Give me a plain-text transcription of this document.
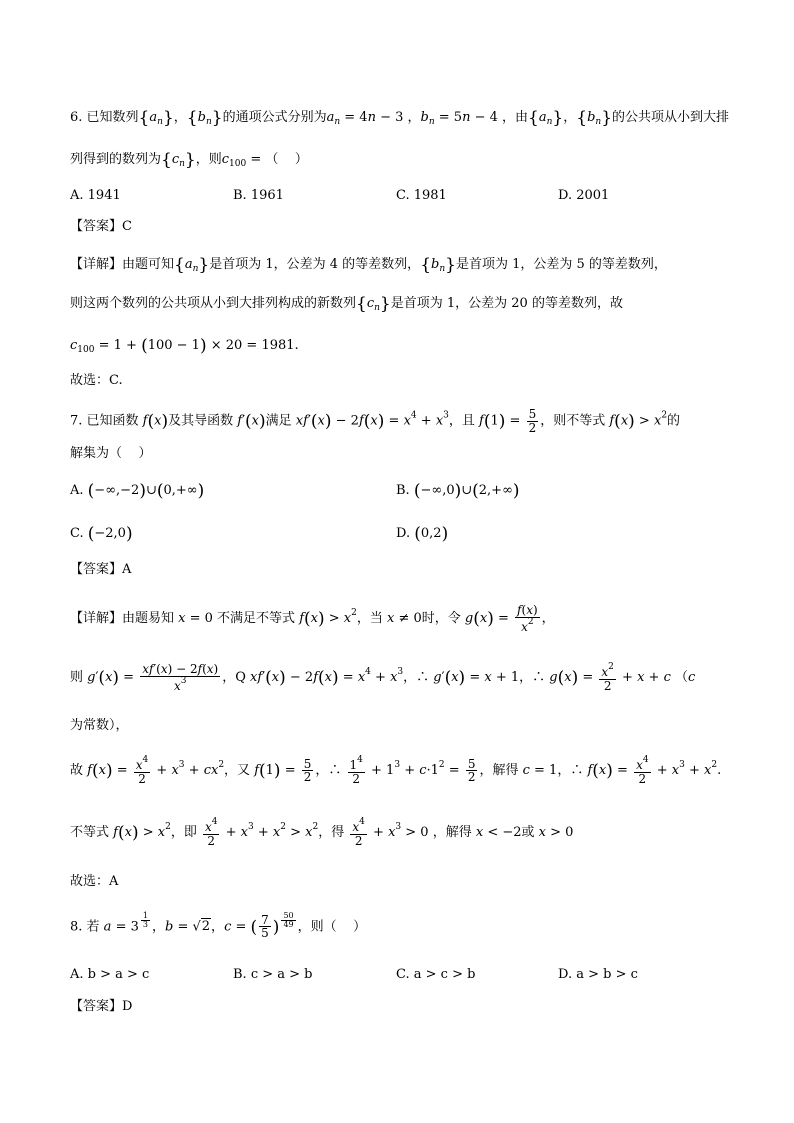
6. 已知数列$\{a_n\}$，$\{b_n\}$的通项公式分别为$a_n = 4n - 3$ ，$b_n = 5n - 4$ ，由$\{a_n\}$，$\{b_n\}$的公共项从小到大排
列得到的数列为$\{c_n\}$，则$c_{100}$ = （    ）
A. 1941	B. 1961	C. 1981	D. 2001
【答案】C
【详解】由题可知$\{a_n\}$是首项为 1，公差为 4 的等差数列，$\{b_n\}$是首项为 1，公差为 5 的等差数列，
则这两个数列的公共项从小到大排列构成的新数列$\{c_n\}$是首项为 1，公差为 20 的等差数列，故
$c_{100} = 1 + (100 - 1) \times 20 = 1981$.
故选：C.
7. 已知函数 f(x)及其导函数 f′(x)满足 $xf'(x) - 2f(x) = x^4 + x^3$，且 $f(1) = \frac{5}{2}$ ，则不等式 $f(x) > x^2$的
解集为（    ）
A. (−∞,−2)∪(0,+∞)	B. (−∞,0)∪(2,+∞)
C. (−2,0)	D. (0,2)
【答案】A
【详解】由题易知 x = 0 不满足不等式 $f(x) > x^2$，当 x ≠ 0时，令 $g(x) = \frac{f(x)}{x^2}$ ，
则 $g'(x) = \frac{xf'(x) - 2f(x)}{x^3}$ ，Q $xf'(x) - 2f(x) = x^4 + x^3$，∴ g′(x) = x + 1，∴ $g(x) = \frac{x^2}{2} + x + c$ （c
为常数），
故 $f(x) = \frac{x^4}{2} + x^3 + cx^2$，又 $f(1) = \frac{5}{2}$ ，∴ $\frac{1^4}{2} + 1^3 + c\cdot 1^2 = \frac{5}{2}$ ，解得 c = 1，∴ $f(x) = \frac{x^4}{2} + x^3 + x^2$.
不等式 $f(x) > x^2$，即 $\frac{x^4}{2} + x^3 + x^2 > x^2$，得 $\frac{x^4}{2} + x^3 > 0$ ，解得 x < −2或 x > 0
故选：A
8. 若 a = 3 $^{\frac{1}{3}}$ ，b = √2，c = ( $\frac{7}{5}$ ) $^{\frac{50}{49}}$ ，则（    ）
A. b > a > c	B. c > a > b	C. a > c > b	D. a > b > c
【答案】D
